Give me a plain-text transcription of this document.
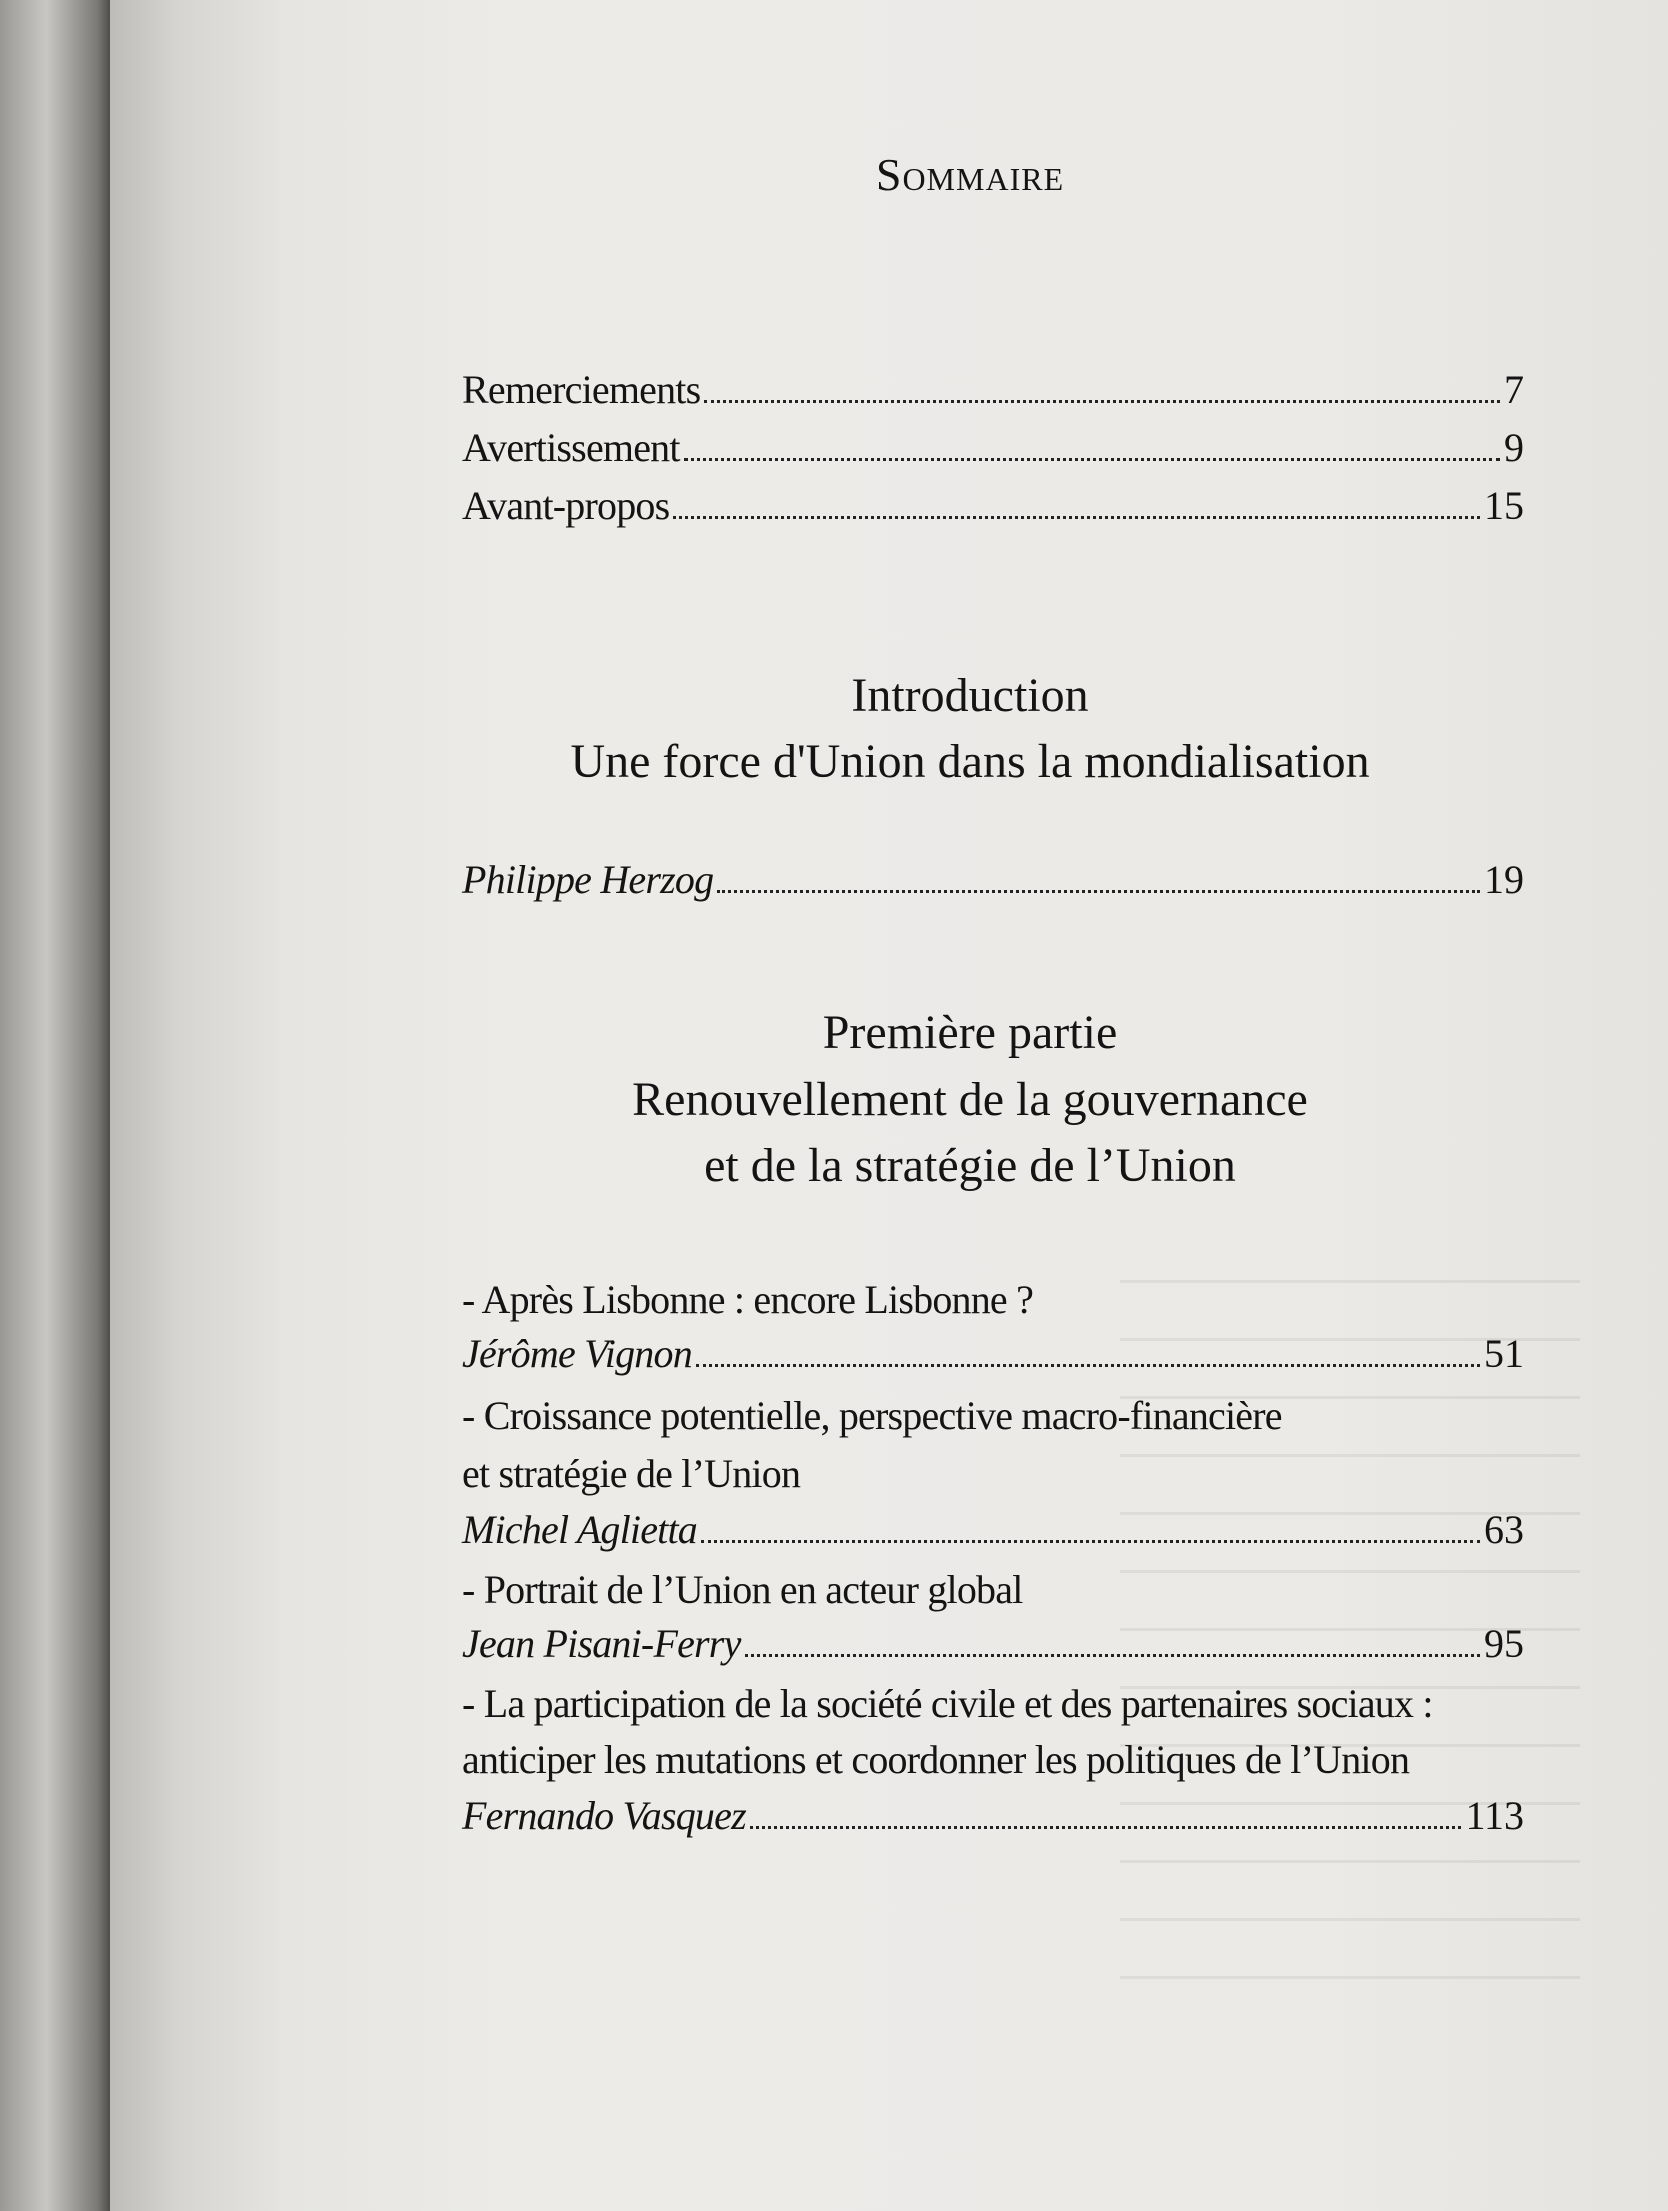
Sommaire
Remerciements	7
Avertissement	9
Avant-propos	15
Introduction
Une force d'Union dans la mondialisation
Philippe Herzog	19
Première partie
Renouvellement de la gouvernance
et de la stratégie de l’Union
- Après Lisbonne : encore Lisbonne ?
Jérôme Vignon	51
- Croissance potentielle, perspective macro-financière
et stratégie de l’Union
Michel Aglietta	63
- Portrait de l’Union en acteur global
Jean Pisani-Ferry	95
- La participation de la société civile et des partenaires sociaux :
anticiper les mutations et coordonner les politiques de l’Union
Fernando Vasquez	113
